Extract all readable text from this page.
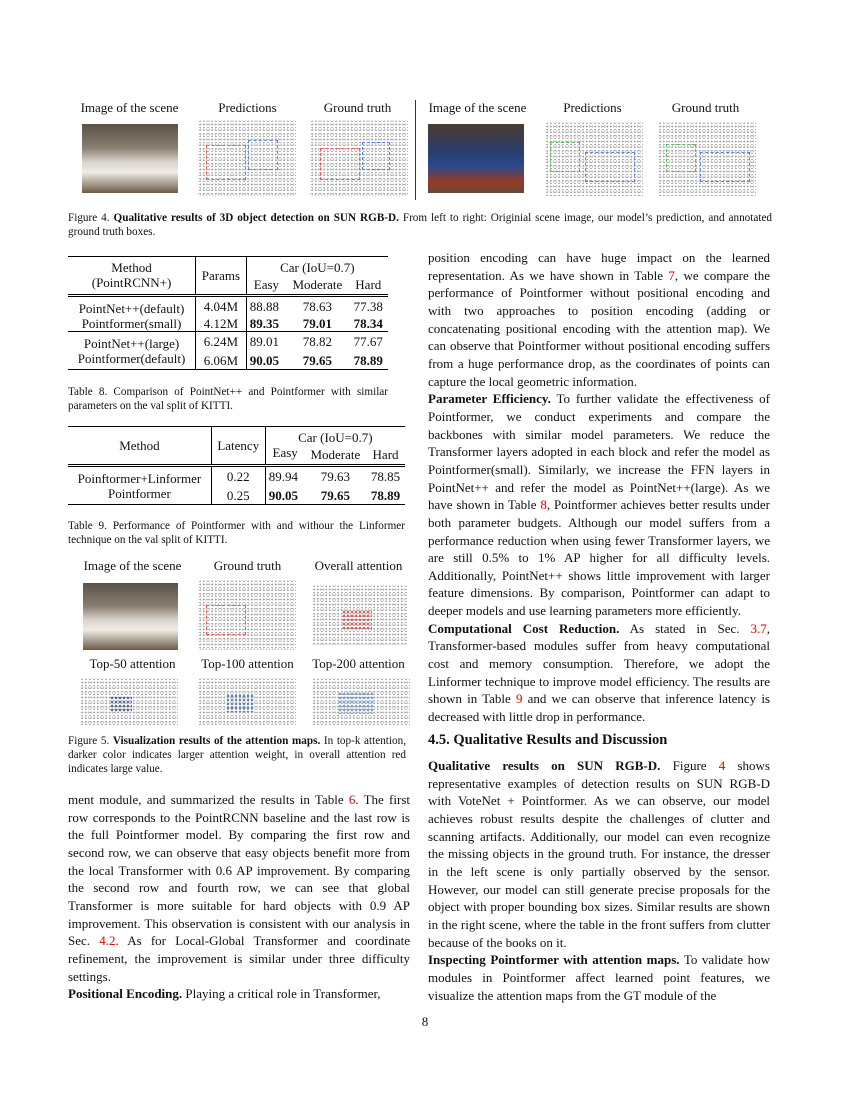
Image of the scene	Predictions	Ground truth	Image of the scene	Predictions	Ground truth
Figure 4. Qualitative results of 3D object detection on SUN RGB-D. From left to right: Originial scene image, our model’s prediction, and annotated ground truth boxes.
Method	Params	Car (IoU=0.7)		
(PointRCNN+)		Easy	Moderate	Hard
PointNet++(default)	4.04M	88.88	78.63	77.38
Pointformer(small)	4.12M	89.35	79.01	78.34
PointNet++(large)	6.24M	89.01	78.82	77.67
Pointformer(default)	6.06M	90.05	79.65	78.89
Table 8. Comparison of PointNet++ and Pointformer with similar parameters on the val split of KITTI.
Method	Latency	Car (IoU=0.7)		
		Easy	Moderate	Hard
Poinftormer+Linformer	0.22	89.94	79.63	78.85
Pointformer	0.25	90.05	79.65	78.89
Table 9. Performance of Pointformer with and withour the Linformer technique on the val split of KITTI.
Image of the scene	Ground truth	Overall attention
Top-50 attention	Top-100 attention	Top-200 attention
Figure 5. Visualization results of the attention maps. In top-k attention, darker color indicates larger attention weight, in overall attention red indicates large value.

ment module, and summarized the results in Table 6. The first row corresponds to the PointRCNN baseline and the last row is the full Pointformer model. By comparing the first row and second row, we can observe that easy objects benefit more from the local Transformer with 0.6 AP improvement. By comparing the second row and fourth row, we can see that global Transformer is more suitable for hard objects with 0.9 AP improvement. This observation is consistent with our analysis in Sec. 4.2. As for Local-Global Transformer and coordinate refinement, the improvement is similar under three difficulty settings.

Positional Encoding. Playing a critical role in Transformer,

position encoding can have huge impact on the learned representation. As we have shown in Table 7, we compare the performance of Pointformer without positional encoding and with two approaches to position encoding (adding or concatenating positional encoding with the attention map). We can observe that Pointformer without positional encoding suffers from a huge performance drop, as the coordinates of points can capture the local geometric information.

Parameter Efficiency. To further validate the effectiveness of Pointformer, we conduct experiments and compare the backbones with similar model parameters. We reduce the Transformer layers adopted in each block and refer the model as Pointformer(small). Similarly, we increase the FFN layers in PointNet++ and refer the model as PointNet++(large). As we have shown in Table 8, Pointformer achieves better results under both parameter budgets. Although our model suffers from a performance reduction when using fewer Transformer layers, we are still 0.5% to 1% AP higher for all difficulty levels. Additionally, PointNet++ shows little improvement with larger feature dimensions. By comparison, Pointformer can adapt to deeper models and use learning parameters more efficiently.

Computational Cost Reduction. As stated in Sec. 3.7, Transformer-based modules suffer from heavy computational cost and memory consumption. Therefore, we adopt the Linformer technique to improve model efficiency. The results are shown in Table 9 and we can observe that inference latency is decreased with little drop in performance.

4.5. Qualitative Results and Discussion

Qualitative results on SUN RGB-D. Figure 4 shows representative examples of detection results on SUN RGB-D with VoteNet + Pointformer. As we can observe, our model achieves robust results despite the challenges of clutter and scanning artifacts. Additionally, our model can even recognize the missing objects in the ground truth. For instance, the dresser in the left scene is only partially observed by the sensor. However, our model can still generate precise proposals for the object with proper bounding box sizes. Similar results are shown in the right scene, where the table in the front suffers from clutter because of the books on it.

Inspecting Pointformer with attention maps. To validate how modules in Pointformer affect learned point features, we visualize the attention maps from the GT module of the

8
